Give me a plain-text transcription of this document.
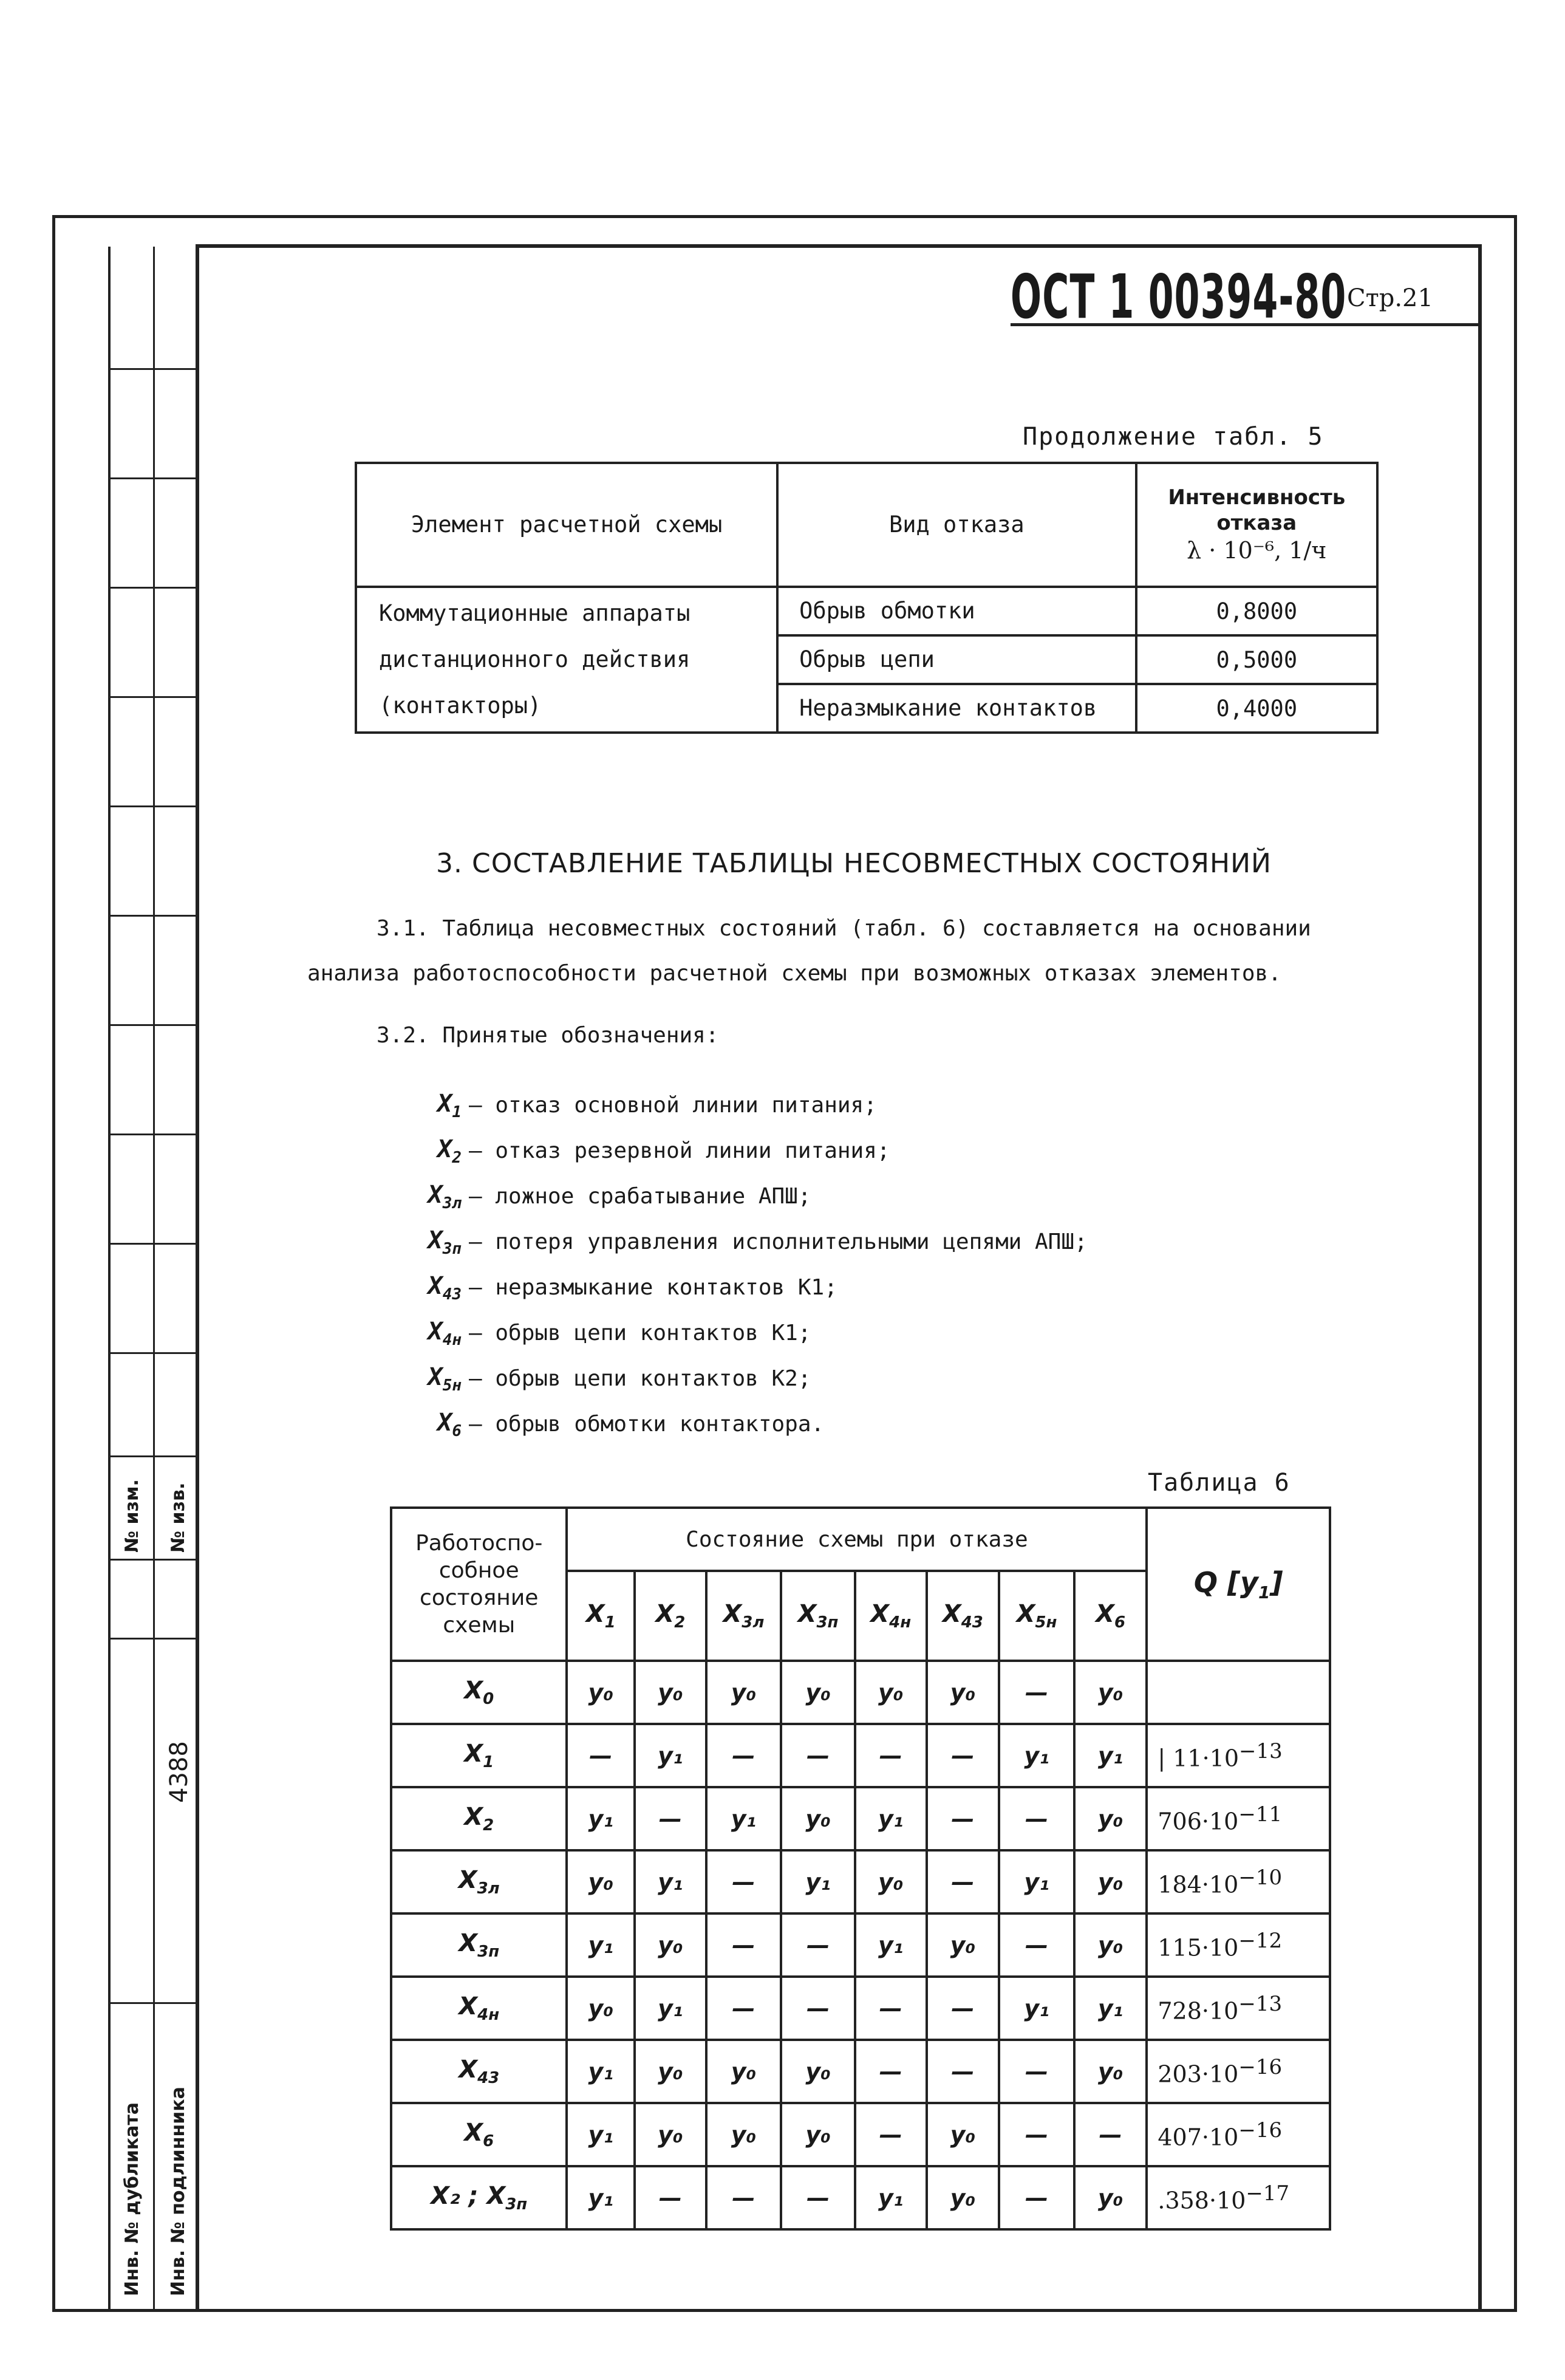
№ изм. № изв.
4388
Инв. № дубликата Инв. № подлинника
ОСТ 1 00394-80 Стр.21
Продолжение табл. 5
Элемент расчетной схемы	Вид отказа	Интенсивность
отказа
λ · 10⁻⁶, 1/ч

Коммутационные аппараты
дистанционного действия
(контакторы)	Обрыв обмотки	0,8000
	Обрыв цепи	0,5000
	Неразмыкание контактов	0,4000
3. СОСТАВЛЕНИЕ ТАБЛИЦЫ НЕСОВМЕСТНЫХ СОСТОЯНИЙ
3.1. Таблица несовместных состояний (табл. 6) составляется на основании
анализа работоспособности расчетной схемы при возможных отказах элементов.
3.2. Принятые обозначения:
$X_1$ – отказ основной линии питания;
$X_2$ – отказ резервной линии питания;
$X_{3л}$ – ложное срабатывание АПШ;
$X_{3п}$ – потеря управления исполнительными цепями АПШ;
$X_{43}$ – неразмыкание контактов K1;
$X_{4н}$ – обрыв цепи контактов K1;
$X_{5н}$ – обрыв цепи контактов K2;
$X_6$ – обрыв обмотки контактора.
Таблица 6
Работоспо-
собное
состояние
схемы	Состояние схемы при отказе								Q $[y_1]$
	$X_1$	$X_2$	$X_{3л}$	$X_{3п}$	$X_{4н}$	$X_{43}$	$X_{5н}$	$X_6$
$X_0$	y₀	y₀	y₀	y₀	y₀	y₀	—	y₀	
$X_1$	—	y₁	—	—	—	—	y₁	y₁	| $11\cdot 10^{-13}$
$X_2$	y₁	—	y₁	y₀	y₁	—	—	y₀	$706\cdot 10^{-11}$
$X_{3л}$	y₀	y₁	—	y₁	y₀	—	y₁	y₀	$184\cdot 10^{-10}$
$X_{3п}$	y₁	y₀	—	—	y₁	y₀	—	y₀	$115\cdot 10^{-12}$
$X_{4н}$	y₀	y₁	—	—	—	—	y₁	y₁	$728\cdot 10^{-13}$
$X_{43}$	y₁	y₀	y₀	y₀	—	—	—	y₀	$203\cdot 10^{-16}$
$X_6$	y₁	y₀	y₀	y₀	—	y₀	—	—	$407\cdot 10^{-16}$
X₂ ; $X_{3п}$	y₁	—	—	—	y₁	y₀	—	y₀	$.358\cdot 10^{-17}$
